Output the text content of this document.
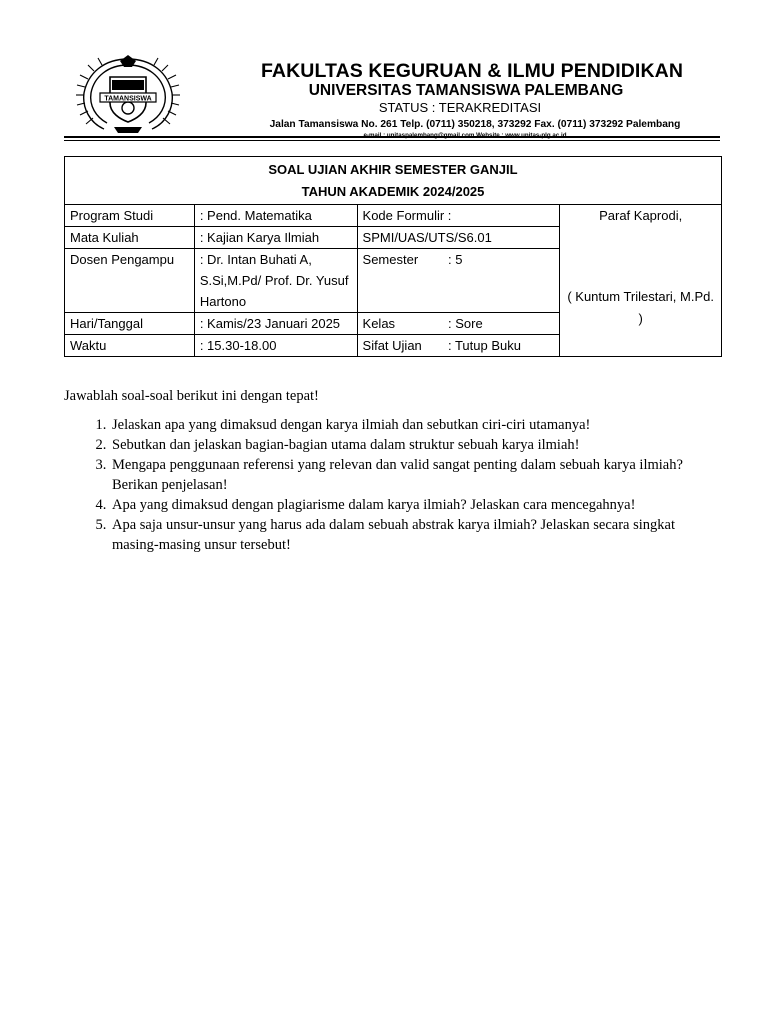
TAMANSISWA
FAKULTAS KEGURUAN & ILMU PENDIDIKAN
UNIVERSITAS TAMANSISWA PALEMBANG
STATUS : TERAKREDITASI
Jalan Tamansiswa No. 261 Telp. (0711) 350218, 373292 Fax. (0711) 373292 Palembang
SOAL UJIAN AKHIR SEMESTER GANJIL
TAHUN AKADEMIK 2024/2025				

Program Studi	: Pend. Matematika	Kode Formulir :		Paraf Kaprodi,
( Kuntum Trilestari, M.Pd. )

Mata Kuliah	: Kajian Karya Ilmiah	SPMI/UAS/UTS/S6.01		
Dosen Pengampu	: Dr. Intan Buhati A, S.Si,M.Pd/ Prof. Dr. Yusuf Hartono	Semester	: 5	
Hari/Tanggal	: Kamis/23 Januari 2025	Kelas	: Sore	
Waktu	: 15.30-18.00	Sifat Ujian	: Tutup Buku	
Jawablah soal-soal berikut ini dengan tepat!
1. Jelaskan apa yang dimaksud dengan karya ilmiah dan sebutkan ciri-ciri utamanya!
2. Sebutkan dan jelaskan bagian-bagian utama dalam struktur sebuah karya ilmiah!
3. Mengapa penggunaan referensi yang relevan dan valid sangat penting dalam sebuah karya ilmiah? Berikan penjelasan!
4. Apa yang dimaksud dengan plagiarisme dalam karya ilmiah? Jelaskan cara mencegahnya!
5. Apa saja unsur-unsur yang harus ada dalam sebuah abstrak karya ilmiah? Jelaskan secara singkat masing-masing unsur tersebut!
